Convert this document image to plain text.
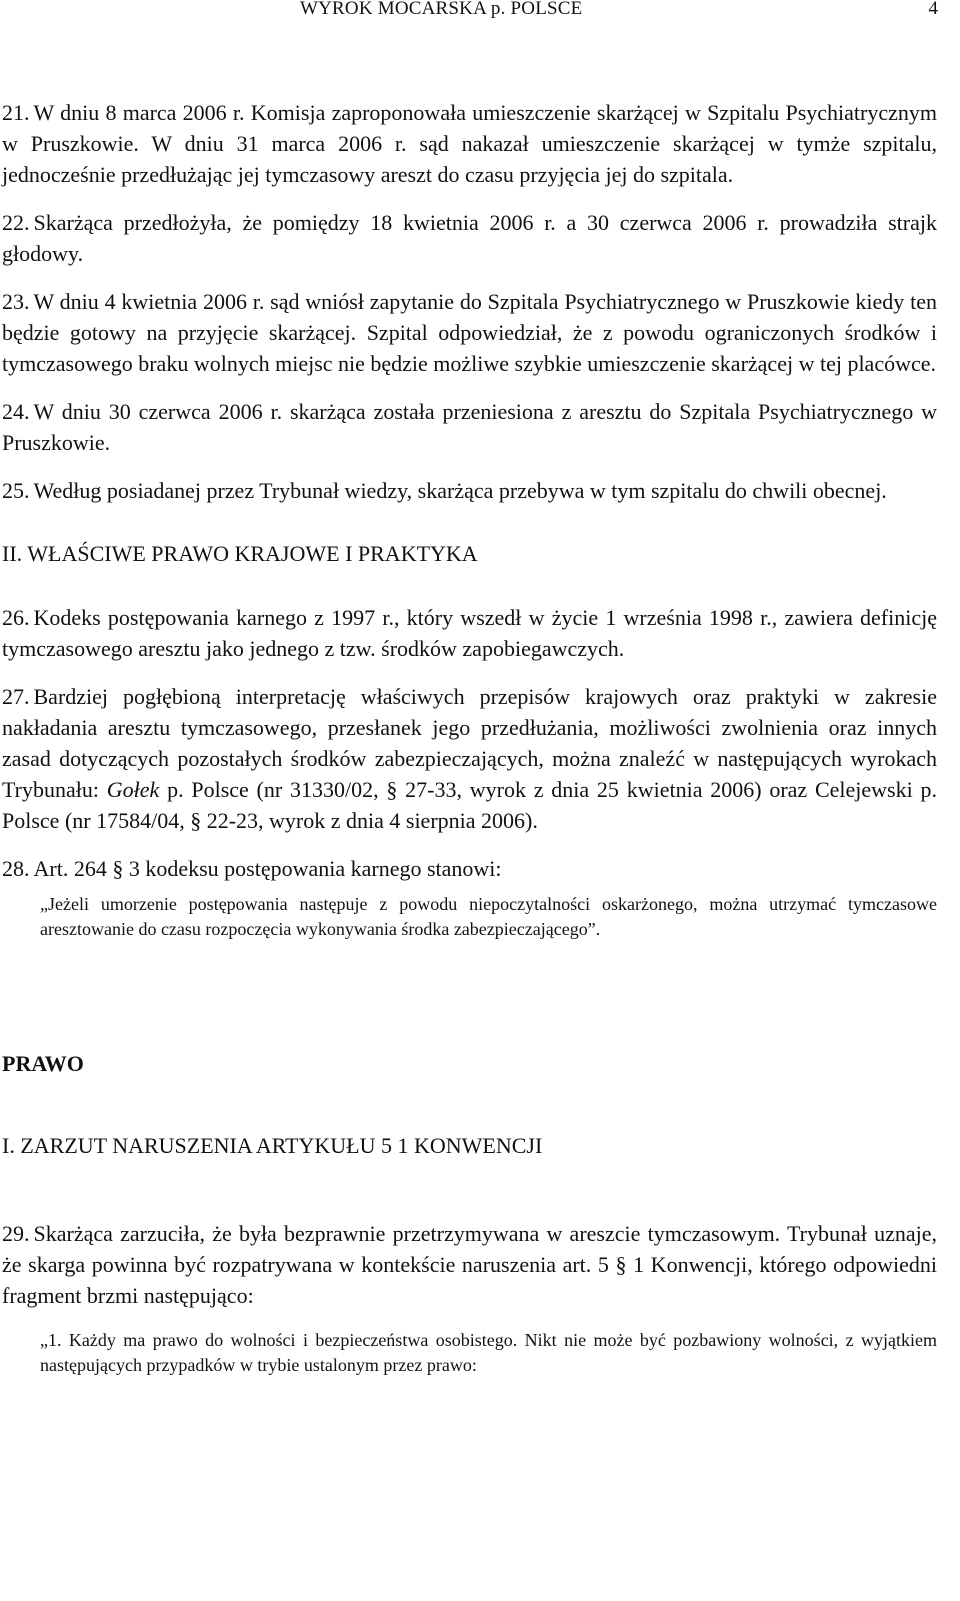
WYROK MOCARSKA p. POLSCE	4

21. W dniu 8 marca 2006 r. Komisja zaproponowała umieszczenie skarżącej w Szpitalu Psychiatrycznym w Pruszkowie. W dniu 31 marca 2006 r. sąd nakazał umieszczenie skarżącej w tymże szpitalu, jednocześnie przedłużając jej tymczasowy areszt do czasu przyjęcia jej do szpitala.

22. Skarżąca przedłożyła, że pomiędzy 18 kwietnia 2006 r. a 30 czerwca 2006 r. prowadziła strajk głodowy.

23. W dniu 4 kwietnia 2006 r. sąd wniósł zapytanie do Szpitala Psychiatrycznego w Pruszkowie kiedy ten będzie gotowy na przyjęcie skarżącej. Szpital odpowiedział, że z powodu ograniczonych środków i tymczasowego braku wolnych miejsc nie będzie możliwe szybkie umieszczenie skarżącej w tej placówce.

24. W dniu 30 czerwca 2006 r. skarżąca została przeniesiona z aresztu do Szpitala Psychiatrycznego w Pruszkowie.

25. Według posiadanej przez Trybunał wiedzy, skarżąca przebywa w tym szpitalu do chwili obecnej.

II. WŁAŚCIWE PRAWO KRAJOWE I PRAKTYKA

26. Kodeks postępowania karnego z 1997 r., który wszedł w życie 1 września 1998 r., zawiera definicję tymczasowego aresztu jako jednego z tzw. środków zapobiegawczych.

27. Bardziej pogłębioną interpretację właściwych przepisów krajowych oraz praktyki w zakresie nakładania aresztu tymczasowego, przesłanek jego przedłużania, możliwości zwolnienia oraz innych zasad dotyczących pozostałych środków zabezpieczających, można znaleźć w następujących wyrokach Trybunału: Gołek p. Polsce (nr 31330/02, § 27-33, wyrok z dnia 25 kwietnia 2006) oraz Celejewski p. Polsce (nr 17584/04, § 22-23, wyrok z dnia 4 sierpnia 2006).

28. Art. 264 § 3 kodeksu postępowania karnego stanowi:

„Jeżeli umorzenie postępowania następuje z powodu niepoczytalności oskarżonego, można utrzymać tymczasowe aresztowanie do czasu rozpoczęcia wykonywania środka zabezpieczającego”.

PRAWO

I. ZARZUT NARUSZENIA ARTYKUŁU 5 1 KONWENCJI

29. Skarżąca zarzuciła, że była bezprawnie przetrzymywana w areszcie tymczasowym. Trybunał uznaje, że skarga powinna być rozpatrywana w kontekście naruszenia art. 5 § 1 Konwencji, którego odpowiedni fragment brzmi następująco:

„1. Każdy ma prawo do wolności i bezpieczeństwa osobistego. Nikt nie może być pozbawiony wolności, z wyjątkiem następujących przypadków w trybie ustalonym przez prawo:
